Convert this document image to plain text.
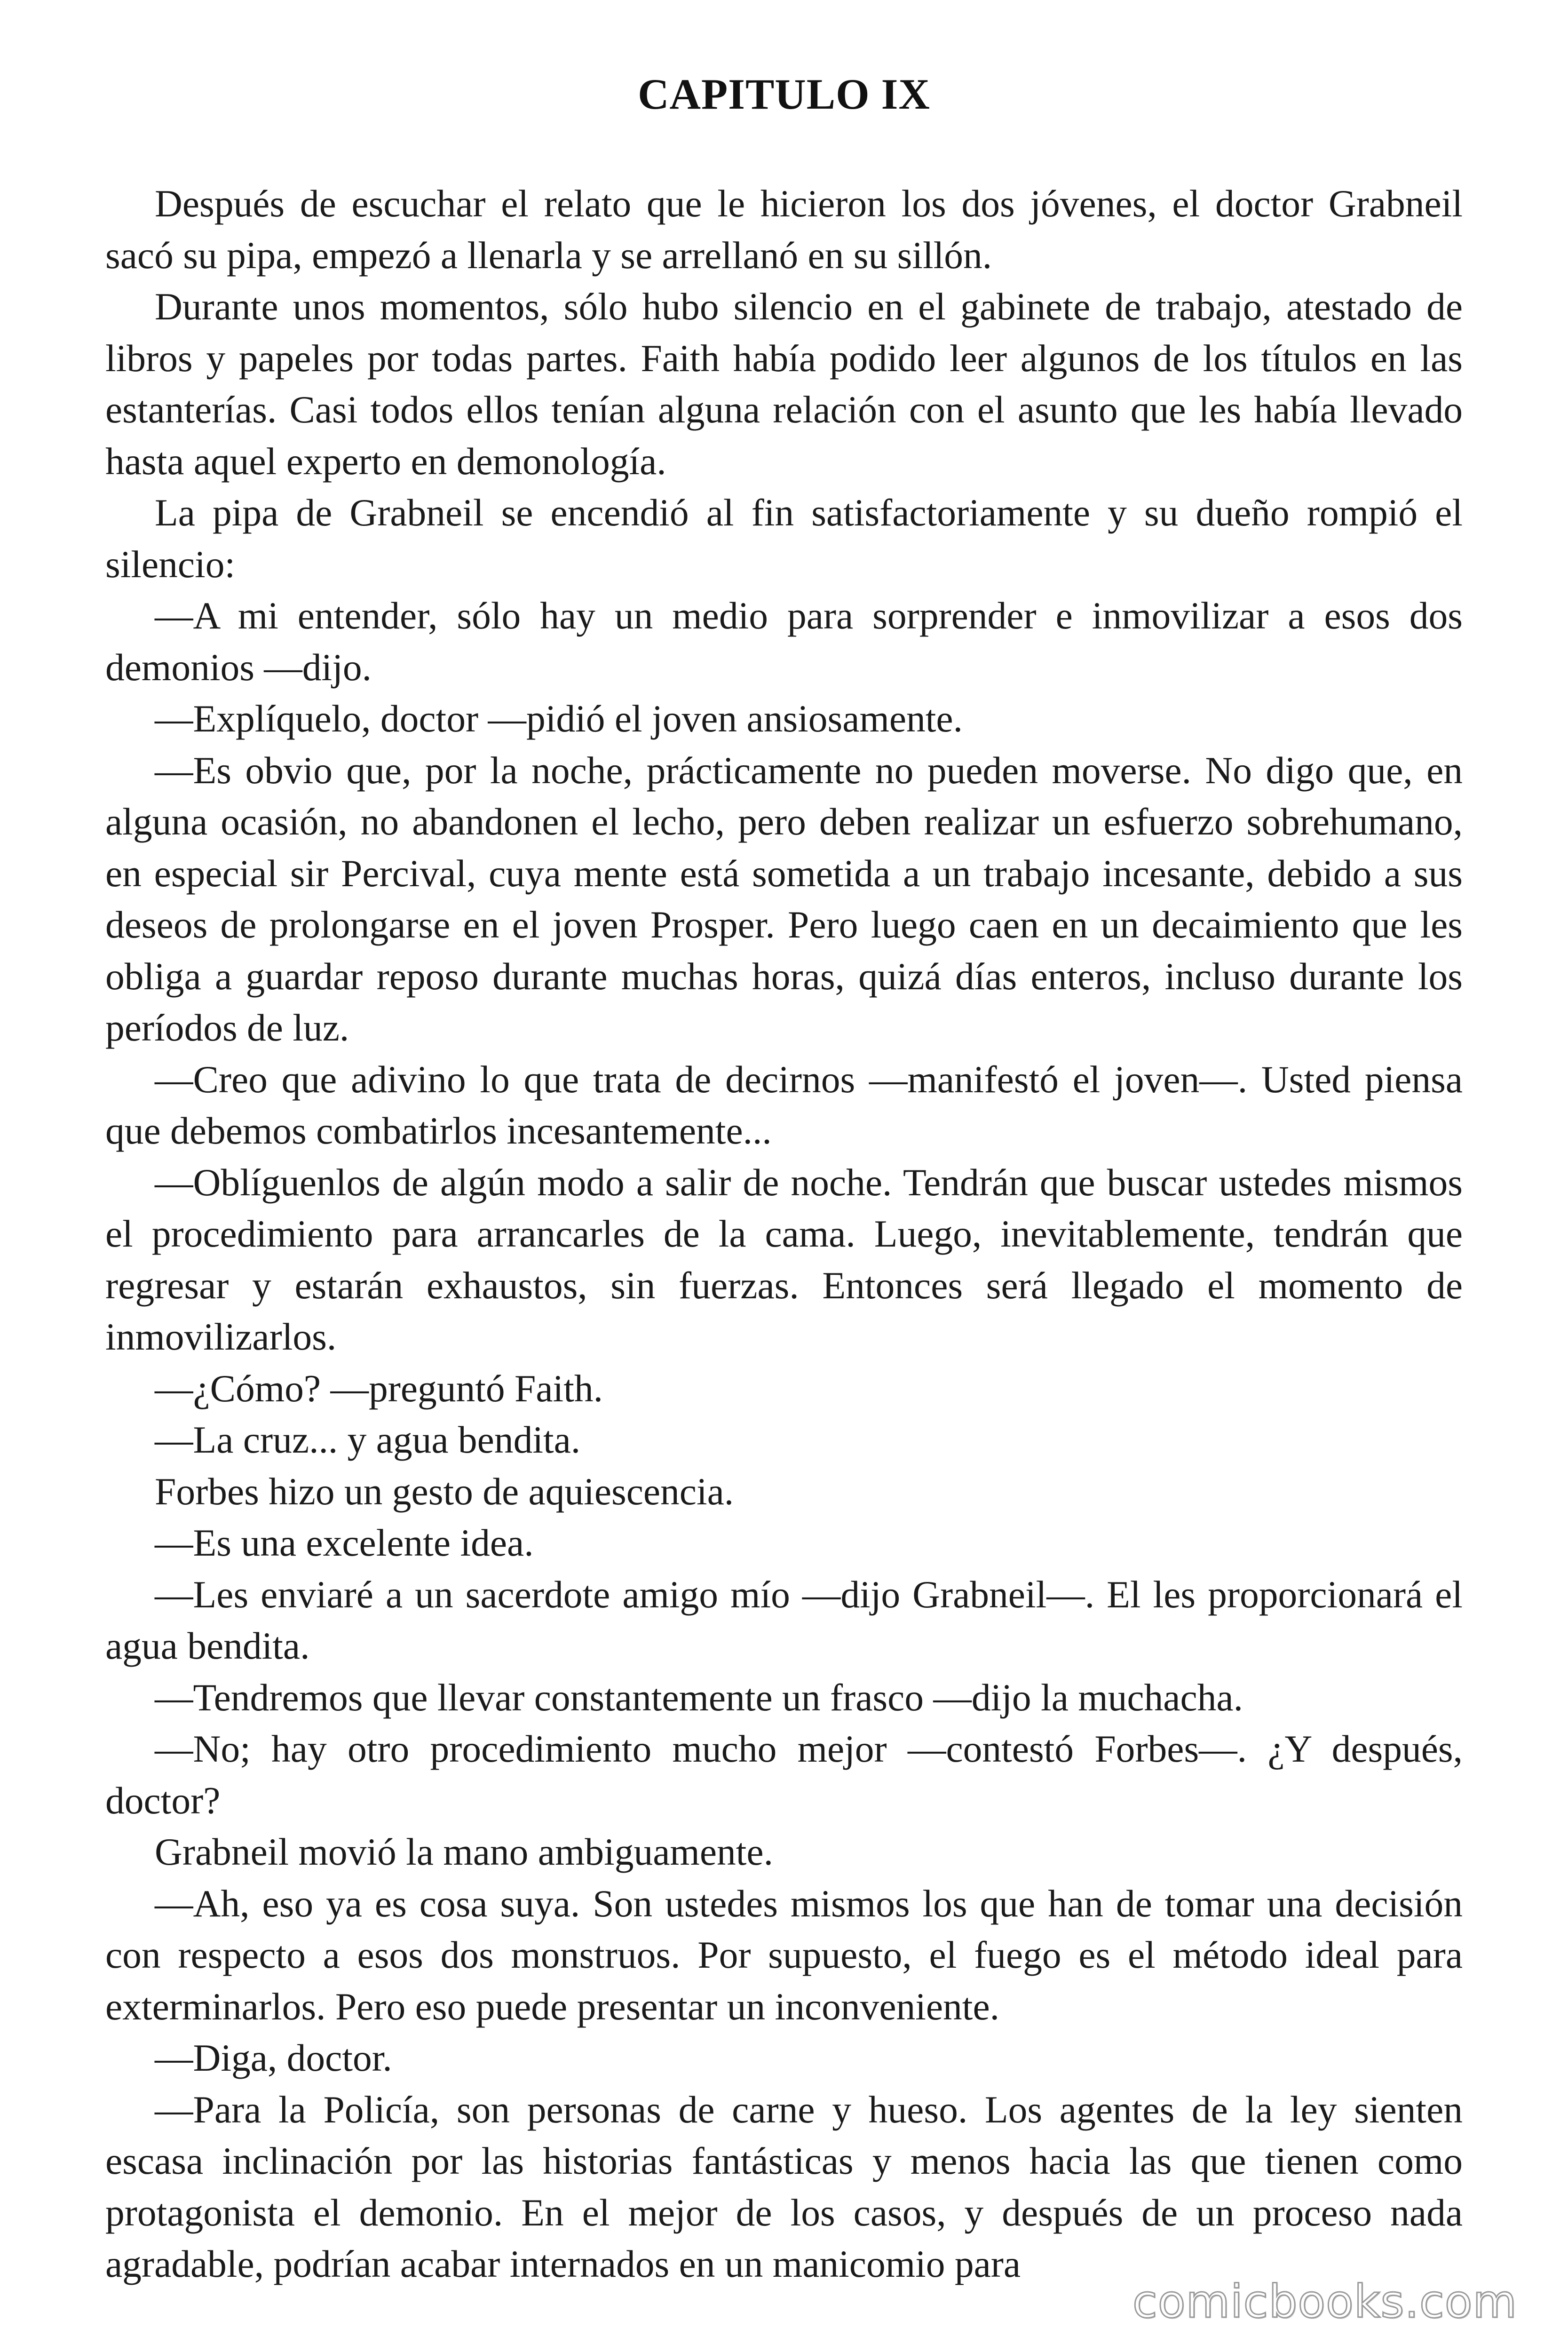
CAPITULO IX

Después de escuchar el relato que le hicieron los dos jóvenes, el doctor Grabneil sacó su pipa, empezó a llenarla y se arrellanó en su sillón.

Durante unos momentos, sólo hubo silencio en el gabinete de trabajo, atestado de libros y papeles por todas partes. Faith había podido leer algunos de los títulos en las estanterías. Casi todos ellos tenían alguna relación con el asunto que les había llevado hasta aquel experto en demonología.

La pipa de Grabneil se encendió al fin satisfactoriamente y su dueño rompió el silencio:

—A mi entender, sólo hay un medio para sorprender e inmovilizar a esos dos demonios —dijo.

—Explíquelo, doctor —pidió el joven ansiosamente.

—Es obvio que, por la noche, prácticamente no pueden moverse. No digo que, en alguna ocasión, no abandonen el lecho, pero deben realizar un esfuerzo sobrehumano, en especial sir Percival, cuya mente está sometida a un trabajo incesante, debido a sus deseos de prolongarse en el joven Prosper. Pero luego caen en un decaimiento que les obliga a guardar reposo durante muchas horas, quizá días enteros, incluso durante los períodos de luz.

—Creo que adivino lo que trata de decirnos —manifestó el joven—. Usted piensa que debemos combatirlos incesantemente...

—Oblíguenlos de algún modo a salir de noche. Tendrán que buscar ustedes mismos el procedimiento para arrancarles de la cama. Luego, inevitablemente, tendrán que regresar y estarán exhaustos, sin fuerzas. Entonces será llegado el momento de inmovilizarlos.

—¿Cómo? —preguntó Faith.

—La cruz... y agua bendita.

Forbes hizo un gesto de aquiescencia.

—Es una excelente idea.

—Les enviaré a un sacerdote amigo mío —dijo Grabneil—. El les proporcionará el agua bendita.

—Tendremos que llevar constantemente un frasco —dijo la muchacha.

—No; hay otro procedimiento mucho mejor —contestó Forbes—. ¿Y después, doctor?

Grabneil movió la mano ambiguamente.

—Ah, eso ya es cosa suya. Son ustedes mismos los que han de tomar una decisión con respecto a esos dos monstruos. Por supuesto, el fuego es el método ideal para exterminarlos. Pero eso puede presentar un inconveniente.

—Diga, doctor.

—Para la Policía, son personas de carne y hueso. Los agentes de la ley sienten escasa inclinación por las historias fantásticas y menos hacia las que tienen como protagonista el demonio. En el mejor de los casos, y después de un proceso nada agradable, podrían acabar internados en un manicomio para

comicbooks.com
